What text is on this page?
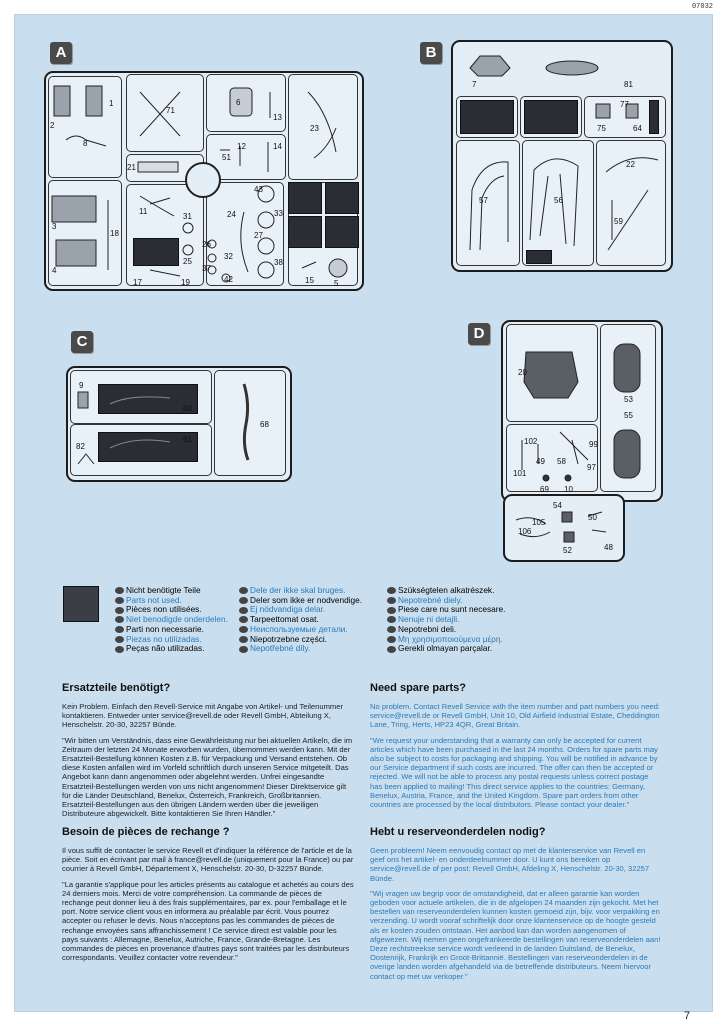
07032
A	B
C	D
1
2
8
71
6
13
23
12
51
14
21
3
18
11
31	24
4
25
26
32
27
17	19
37
42
38
43
33
15	5
7	81
77
75	64
57	56
22
59
9
60
82
61
68
20
53
55
102
49 58
99
101
97
69 10
54
105
50
106
48
52
Nicht benötigte Teile
Parts not used.
Pièces non utilisées.
Niet benodigde onderdelen.
Parti non necessarie.
Piezas no utilizadas.
Peças não utilizadas.
Dele der ikke skal bruges.
Deler som ikke er nodvendige.
Ej nödvandiga delar.
Tarpeettomat osat.
Неиспользуемые детали.
Niepotrzebne części.
Nepotřebné díly.
Szükségtelen alkatrészek.
Nepotrebné diely.
Piese care nu sunt necesare.
Nenuje ni detajli.
Nepotrebni deli.
Μη χρησιμοποιούμενα μέρη.
Gerekli olmayan parçalar.
Ersatzteile benötigt?

Kein Problem. Einfach den Revell-Service mit Angabe von Artikel- und Teilenummer kontaktieren. Entweder unter service@revell.de oder Revell GmbH, Abteilung X, Henschelstr. 20-30, 32257 Bünde.

"Wir bitten um Verständnis, dass eine Gewährleistung nur bei aktuellen Artikeln, die im Zeitraum der letzten 24 Monate erworben wurden, übernommen werden kann. Mit der Ersatzteil-Bestellung können Kosten z.B. für Verpackung und Versand entstehen. Ob diese Kosten anfallen wird im Vorfeld schriftlich durch unseren Service mitgeteilt. Das Angebot kann dann angenommen oder abgelehnt werden. Unfrei eingesandte Ersatzteil-Bestellungen werden von uns nicht angenommen! Dieser Direktservice gilt für die Länder Deutschland, Benelux, Österreich, Frankreich, Großbritannien. Ersatzteil-Bestellungen aus den übrigen Ländern werden über die jeweiligen Distributeure abgewickelt. Bitte kontaktieren Sie Ihren Händler."

Besoin de pièces de rechange ?

Il vous suffit de contacter le service Revell et d'indiquer la référence de l'article et de la pièce. Soit en écrivant par mail à france@revell.de (uniquement pour la France) ou par courrier à Revell GmbH, Département X, Henschelstr. 20-30, D-32257 Bünde.

"La garantie s'applique pour les articles présents au catalogue et achetés au cours des 24 derniers mois. Merci de votre compréhension. La commande de pièces de rechange peut donner lieu à des frais supplémentaires, par ex. pour l'emballage et le port. Notre service client vous en informera au préalable par écrit. Vous pourrez accepter ou refuser le devis. Nous n'acceptons pas les commandes de pièces de rechange envoyées sans affranchissement ! Ce service direct est valable pour les pays suivants : Allemagne, Benelux, Autriche, France, Grande-Bretagne. Les commandes de pièces en provenance d'autres pays sont traitées par les distributeurs correspondants. Veuillez contacter votre revendeur."

Need spare parts?

No problem. Contact Revell Service with the item number and part numbers you need: service@revell.de or Revell GmbH, Unit 10, Old Airfield Industrial Estate, Cheddington Lane, Tring, Herts, HP23 4QR, Great Britain.

"We request your understanding that a warranty can only be accepted for current articles which have been purchased in the last 24 months. Orders for spare parts may also be subject to costs for packaging and shipping. You will be notified in advance by our Service department if such costs are incurred. The offer can then be accepted or rejected. We will not be able to process any postal requests unless correct postage has been applied to mailing! This direct service applies to the countries: Germany, Benelux, Austria, France, and the United Kingdom. Spare part orders from other countries are processed by the local distributors. Please contact your dealer."

Hebt u reserveonderdelen nodig?

Geen probleem! Neem eenvoudig contact op met de klantenservice van Revell en geef ons het artikel- en onderdeelnummer door. U kunt ons bereiken op service@revell.de of per post: Revell GmbH, Afdeling X, Henschelstr. 20-30, 32257 Bünde.

"Wij vragen uw begrip voor de omstandigheid, dat er alleen garantie kan worden geboden voor actuele artikelen, die in de afgelopen 24 maanden zijn gekocht. Met het bestellen van reserveonderdelen kunnen kosten gemoeid zijn, bijv. voor verpakking en verzending. U wordt vooraf schriftelijk door onze klantenservice op de hoogte gesteld als er kosten zouden ontstaan. Het aanbod kan dan worden aangenomen of afgewezen. Wij nemen geen ongefrankeerde bestellingen van reserveonderdelen aan! Deze rechtstreekse service wordt verleend in de landen Duitsland, de Benelux, Oostenrijk, Frankrijk en Groot-Brittannië. Bestellingen van reserveonderdelen in de overige landen worden afgehandeld via de betreffende distributeurs. Neem hiervoor contact op met uw verkoper."

7
